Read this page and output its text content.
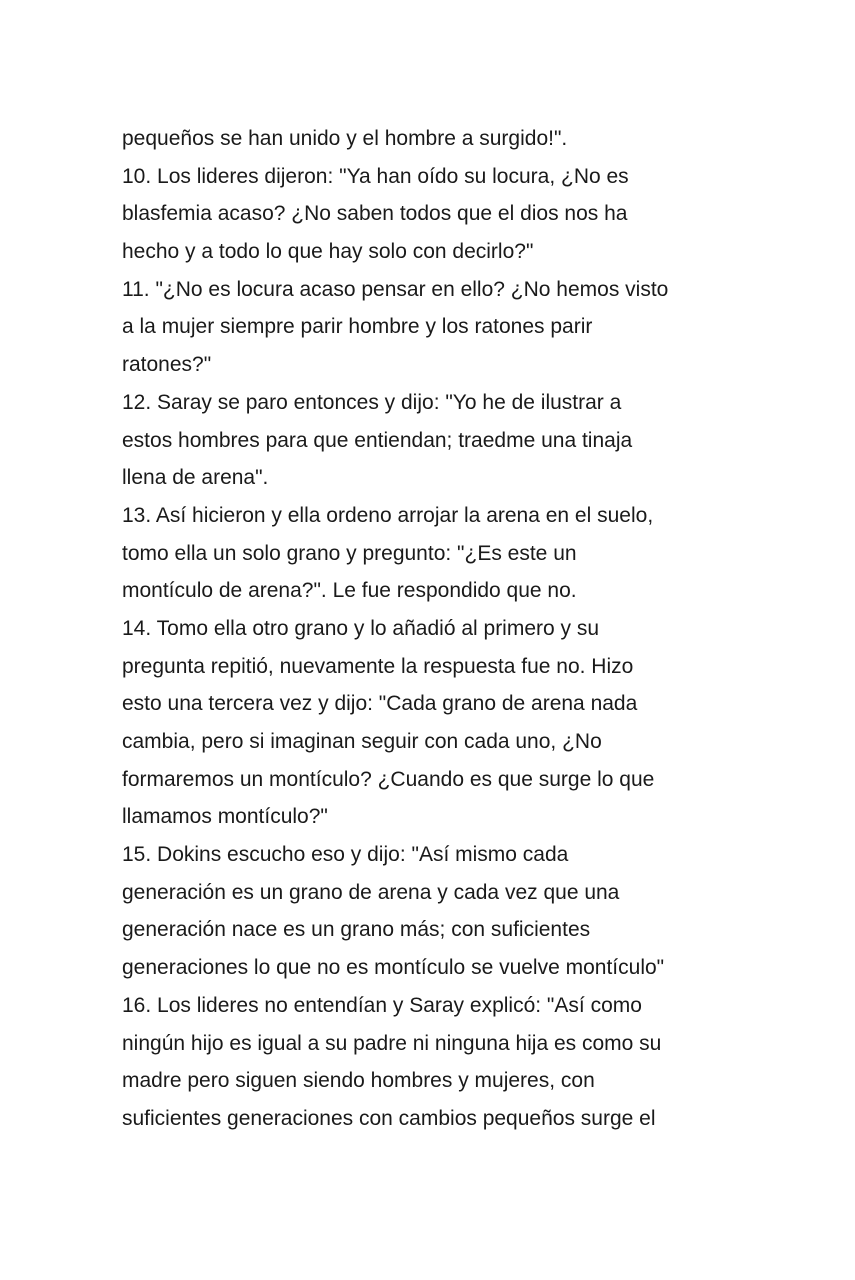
pequeños se han unido y el hombre a surgido!".
10. Los lideres dijeron: "Ya han oído su locura, ¿No es
blasfemia acaso? ¿No saben todos que el dios nos ha
hecho y a todo lo que hay solo con decirlo?"
11. "¿No es locura acaso pensar en ello? ¿No hemos visto
a la mujer siempre parir hombre y los ratones parir
ratones?"
12. Saray se paro entonces y dijo: "Yo he de ilustrar a
estos hombres para que entiendan; traedme una tinaja
llena de arena".
13. Así hicieron y ella ordeno arrojar la arena en el suelo,
tomo ella un solo grano y pregunto: "¿Es este un
montículo de arena?". Le fue respondido que no.
14. Tomo ella otro grano y lo añadió al primero y su
pregunta repitió, nuevamente la respuesta fue no. Hizo
esto una tercera vez y dijo: "Cada grano de arena nada
cambia, pero si imaginan seguir con cada uno, ¿No
formaremos un montículo? ¿Cuando es que surge lo que
llamamos montículo?"
15. Dokins escucho eso y dijo: "Así mismo cada
generación es un grano de arena y cada vez que una
generación nace es un grano más; con suficientes
generaciones lo que no es montículo se vuelve montículo"
16. Los lideres no entendían y Saray explicó: "Así como
ningún hijo es igual a su padre ni ninguna hija es como su
madre pero siguen siendo hombres y mujeres, con
suficientes generaciones con cambios pequeños surge el
